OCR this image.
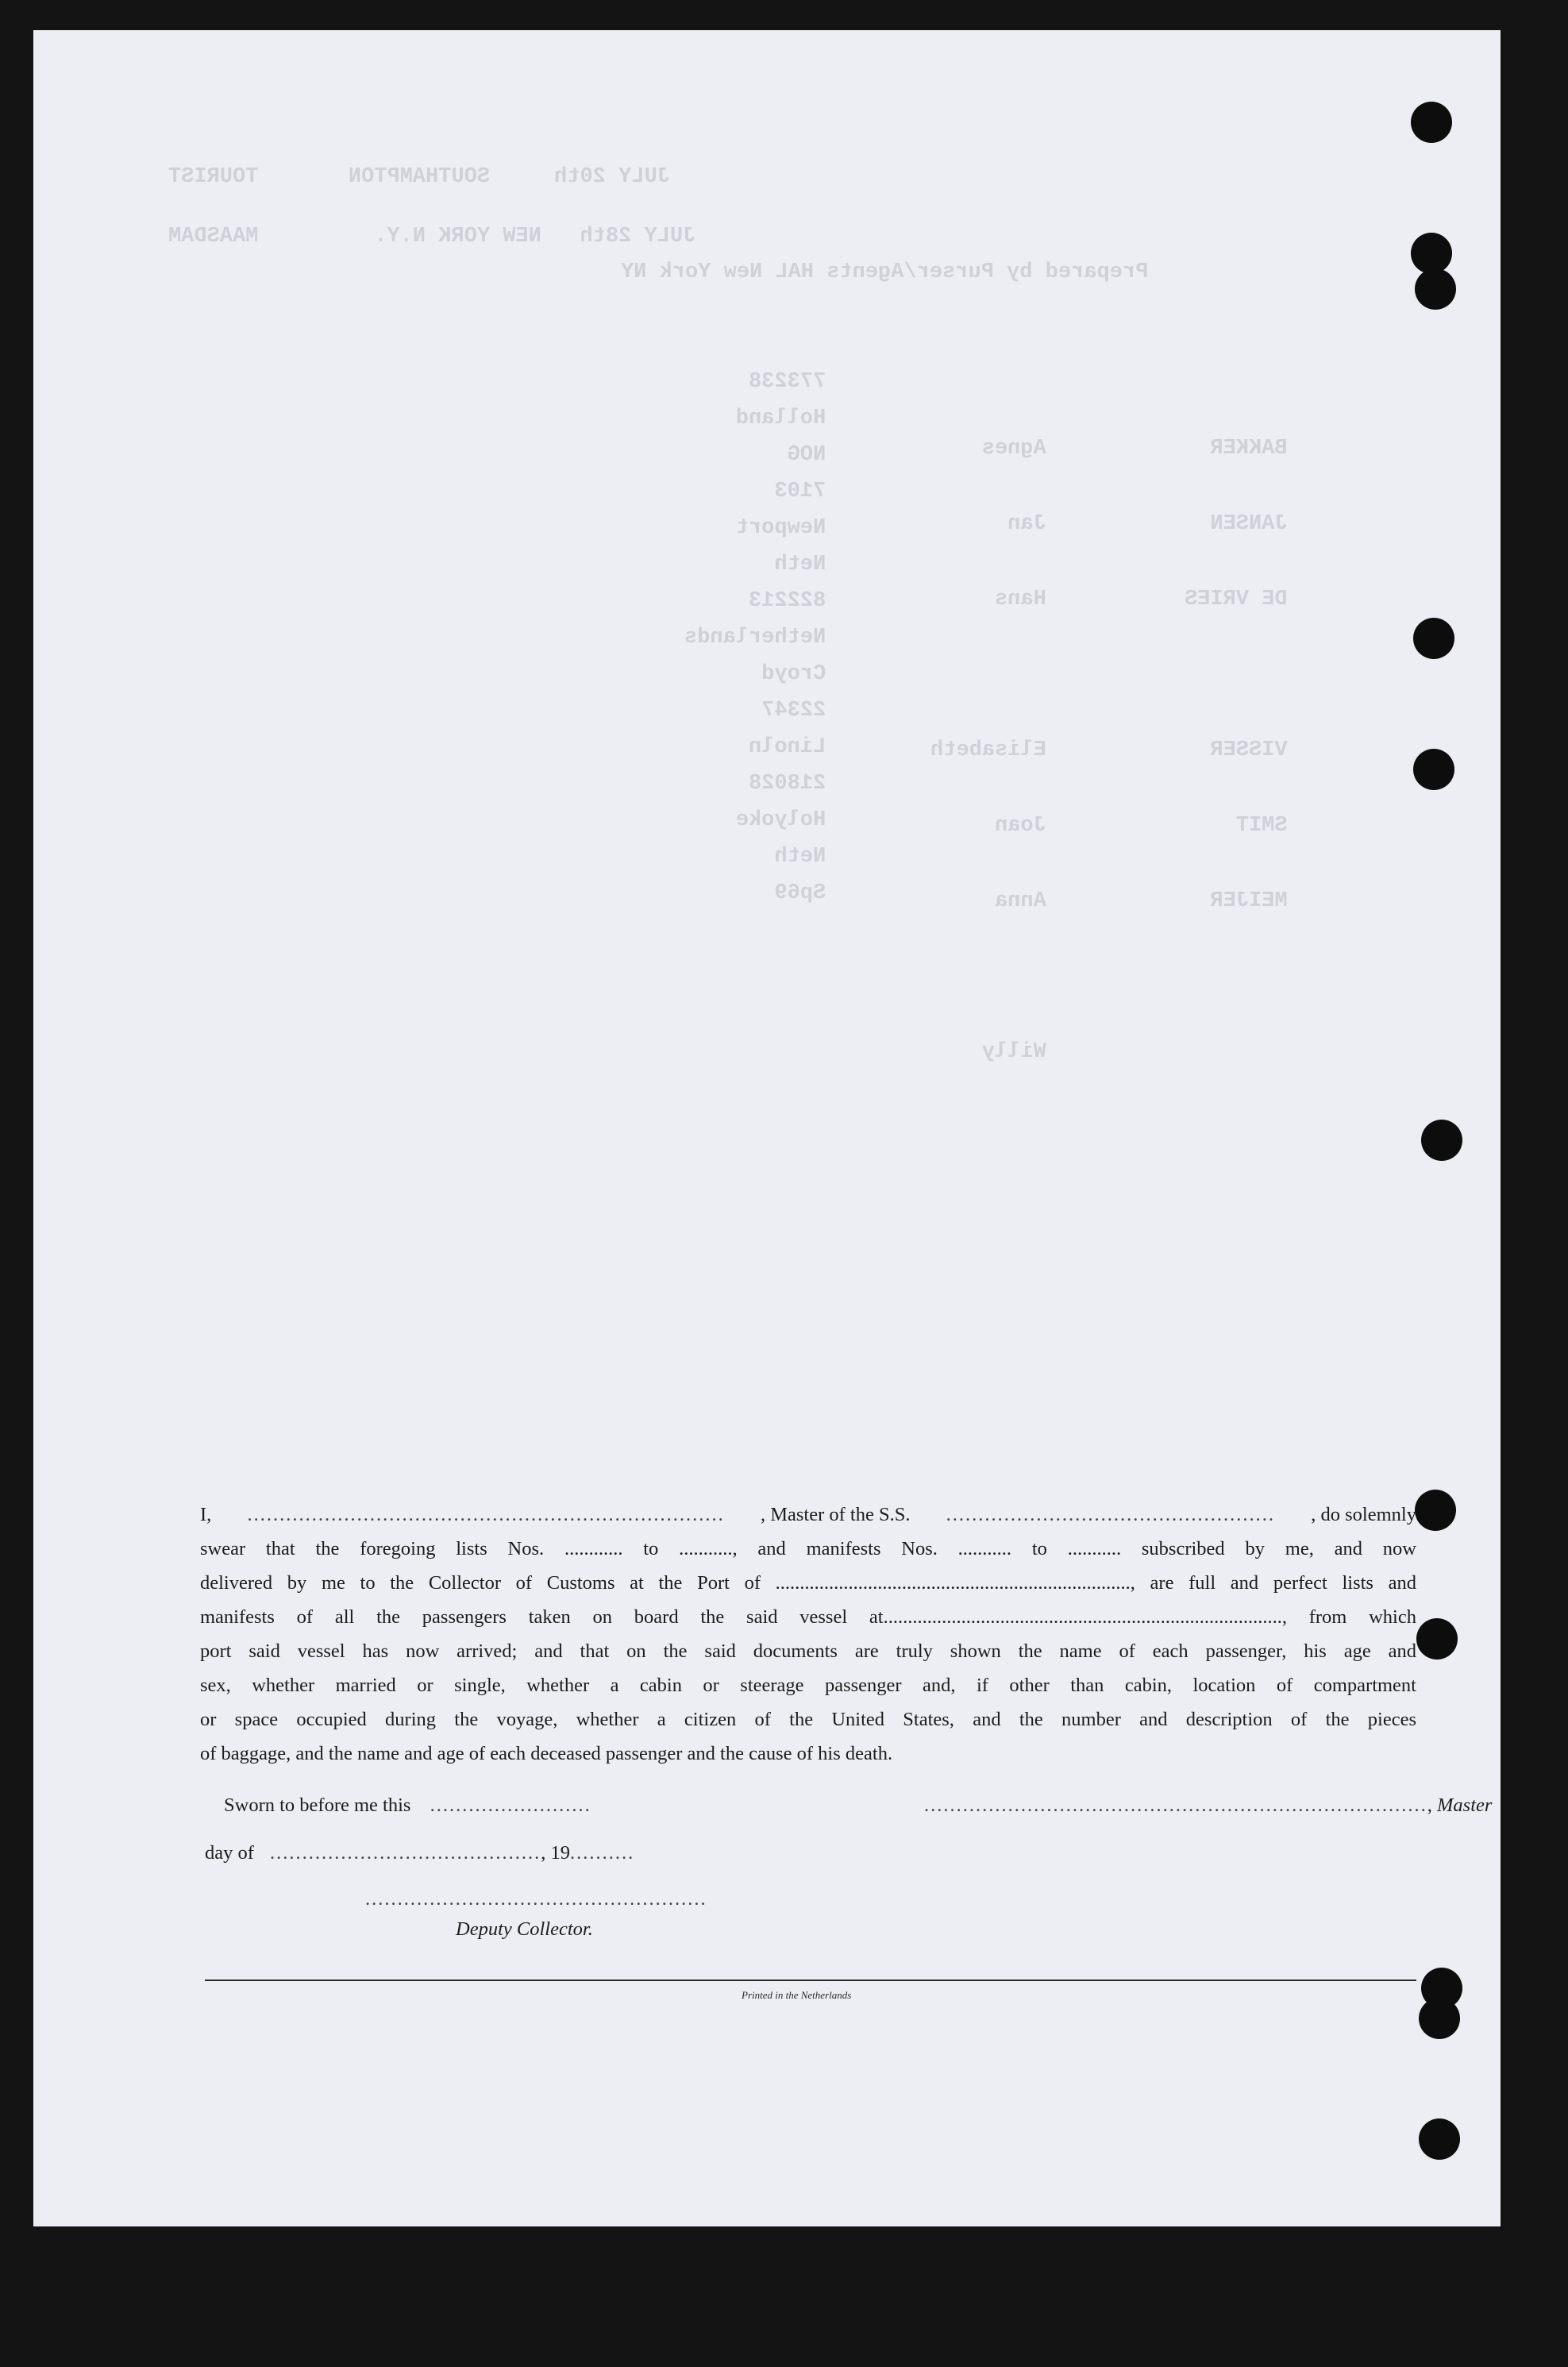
JULY 20th     SOUTHAMPTON       TOURIST
JULY 28th   NEW YORK N.Y.         MAASDAM
Prepared by Purser/Agents HAL New York NY
773238
Holland
NOG
7103
Newport
Neth
822213
Netherlands
Croyd
22347
Linoln
218028
Holyoke
Neth
Sp69
Agnes
Jan
Hans

Elisabeth
Joan
Anna

Willy
BAKKER
JANSEN
DE VRIES

VISSER
SMIT
MEIJER

I, .......................................................................... , Master of the S.S. ................................................... , do solemnly

swear that the foregoing lists Nos. ............ to ..........., and manifests Nos. ........... to ........... subscribed by me, and now

delivered by me to the Collector of Customs at the Port of ........................................................................., are full and perfect lists and

manifests of all the passengers taken on board the said vessel at.................................................................................., from which

port said vessel has now arrived; and that on the said documents are truly shown the name of each passenger, his age and

sex, whether married or single, whether a cabin or steerage passenger and, if other than cabin, location of compartment

or space occupied during the voyage, whether a citizen of the United States, and the number and description of the pieces

of baggage, and the name and age of each deceased passenger and the cause of his death.

Sworn to before me this .........................	.............................................................................., Master
day of .........................................., 19..........
.....................................................
Deputy Collector.
Printed in the Netherlands
